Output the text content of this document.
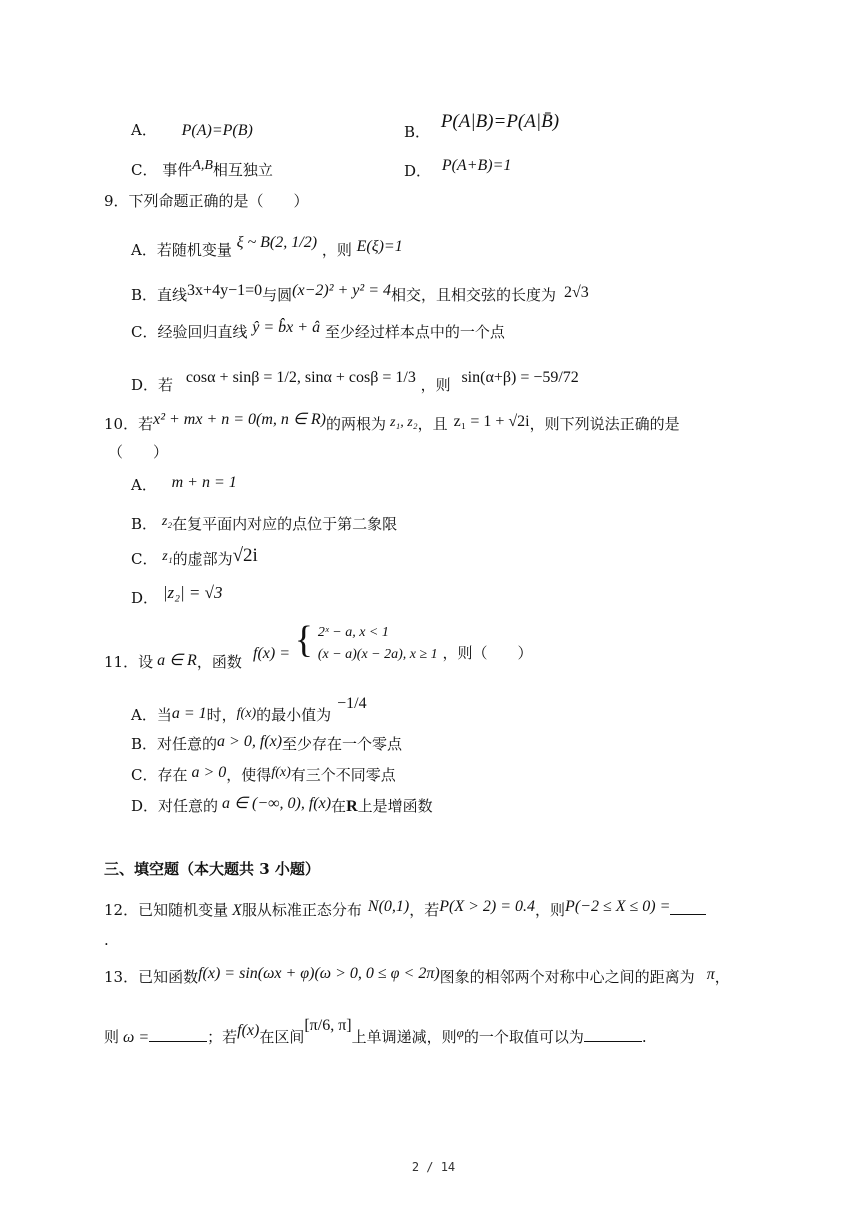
A． P(A)=P(B)	B． P(A|B)=P(A|B̄)
C． 事件A,B相互独立	D． P(A+B)=1
9．下列命题正确的是（　　）
A．若随机变量 ξ ~ B(2, 1/2) ，则 E(ξ)=1
B．直线3x+4y−1=0与圆(x−2)² + y² = 4相交，且相交弦的长度为 2√3
C．经验回归直线 ŷ = b̂x + â 至少经过样本点中的一个点
D．若 cosα + sinβ = 1/2, sinα + cosβ = 1/3 ，则 sin(α+β) = −59/72
10．若x² + mx + n = 0(m, n ∈ R)的两根为 z₁, z₂，且 z₁ = 1 + √2i，则下列说法正确的是
（　　）
A． m + n = 1
B． z₂在复平面内对应的点位于第二象限
C． z₁的虚部为√2i
D． |z₂| = √3
11．设 a ∈ R，函数 f(x) = { 2ˣ − a, x < 1
(x − a)(x − 2a), x ≥ 1 ，则（　　）
A．当a = 1时，f(x)的最小值为−1/4
B．对任意的a > 0, f(x)至少存在一个零点
C．存在 a > 0，使得f(x)有三个不同零点
D．对任意的 a ∈ (−∞, 0), f(x)在R上是增函数
三、填空题（本大题共 3 小题）
12．已知随机变量 X服从标准正态分布 N(0,1)，若P(X > 2) = 0.4，则P(−2 ≤ X ≤ 0) =
.
13．已知函数f(x) = sin(ωx + φ)(ω > 0, 0 ≤ φ < 2π)图象的相邻两个对称中心之间的距离为 π，
则 ω =	；若f(x)在区间[π/6, π]上单调递减，则φ的一个取值可以为	.
2 / 14
